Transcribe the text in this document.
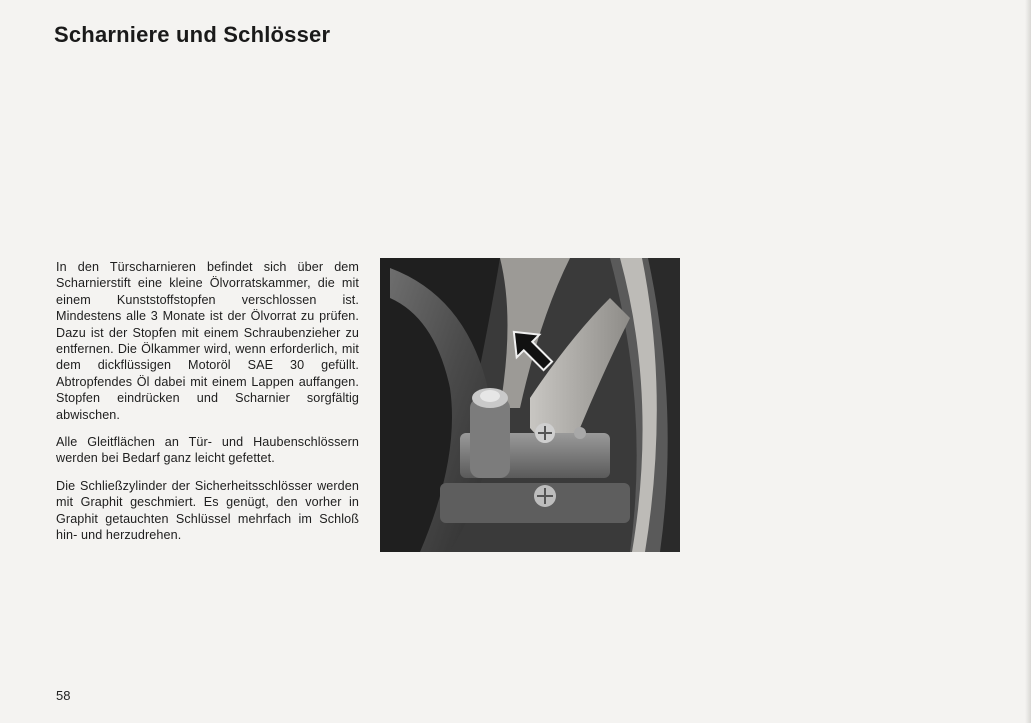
Scharniere und Schlösser

In den Türscharnieren befindet sich über dem Scharnierstift eine kleine Ölvorratskammer, die mit einem Kunststoffstopfen verschlossen ist. Mindestens alle 3 Monate ist der Ölvorrat zu prüfen. Dazu ist der Stopfen mit einem Schraubenzieher zu entfernen. Die Ölkammer wird, wenn erforderlich, mit dem dickflüssigen Motoröl SAE 30 gefüllt. Abtropfendes Öl dabei mit einem Lappen auffangen. Stopfen eindrücken und Scharnier sorgfältig abwischen.

Alle Gleitflächen an Tür- und Haubenschlössern werden bei Bedarf ganz leicht gefettet.

Die Schließzylinder der Sicherheitsschlösser werden mit Graphit geschmiert. Es genügt, den vorher in Graphit getauchten Schlüssel mehrfach im Schloß hin- und herzudrehen.

58
